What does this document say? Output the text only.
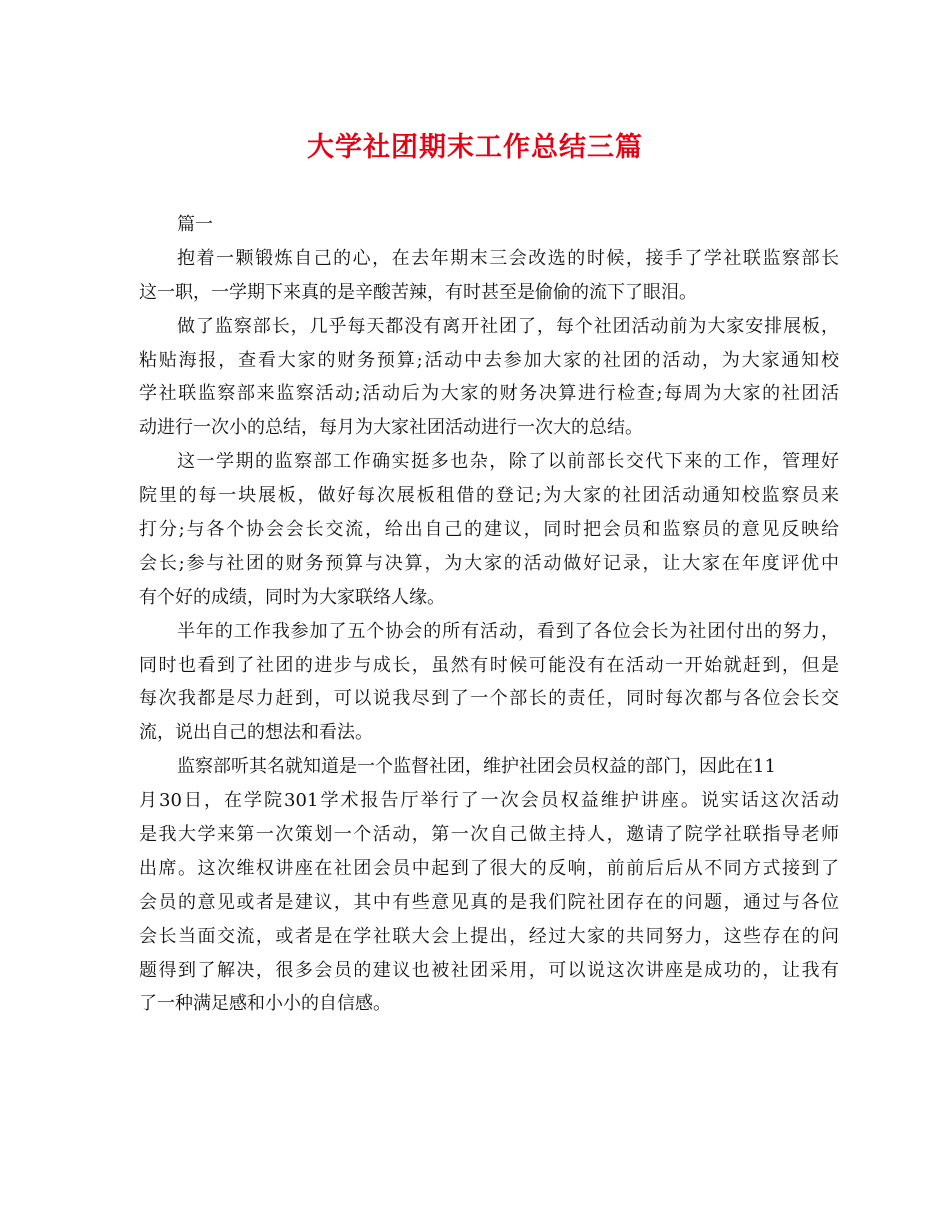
大学社团期末工作总结三篇
篇一
抱着一颗锻炼自己的心，在去年期末三会改选的时候，接手了学社联监察部长
这一职，一学期下来真的是辛酸苦辣，有时甚至是偷偷的流下了眼泪。
做了监察部长，几乎每天都没有离开社团了，每个社团活动前为大家安排展板，
粘贴海报，查看大家的财务预算;活动中去参加大家的社团的活动，为大家通知校
学社联监察部来监察活动;活动后为大家的财务决算进行检查;每周为大家的社团活
动进行一次小的总结，每月为大家社团活动进行一次大的总结。
这一学期的监察部工作确实挺多也杂，除了以前部长交代下来的工作，管理好
院里的每一块展板，做好每次展板租借的登记;为大家的社团活动通知校监察员来
打分;与各个协会会长交流，给出自己的建议，同时把会员和监察员的意见反映给
会长;参与社团的财务预算与决算，为大家的活动做好记录，让大家在年度评优中
有个好的成绩，同时为大家联络人缘。
半年的工作我参加了五个协会的所有活动，看到了各位会长为社团付出的努力，
同时也看到了社团的进步与成长，虽然有时候可能没有在活动一开始就赶到，但是
每次我都是尽力赶到，可以说我尽到了一个部长的责任，同时每次都与各位会长交
流，说出自己的想法和看法。
监察部听其名就知道是一个监督社团，维护社团会员权益的部门，因此在11
月30日，在学院301学术报告厅举行了一次会员权益维护讲座。说实话这次活动
是我大学来第一次策划一个活动，第一次自己做主持人，邀请了院学社联指导老师
出席。这次维权讲座在社团会员中起到了很大的反响，前前后后从不同方式接到了
会员的意见或者是建议，其中有些意见真的是我们院社团存在的问题，通过与各位
会长当面交流，或者是在学社联大会上提出，经过大家的共同努力，这些存在的问
题得到了解决，很多会员的建议也被社团采用，可以说这次讲座是成功的，让我有
了一种满足感和小小的自信感。
